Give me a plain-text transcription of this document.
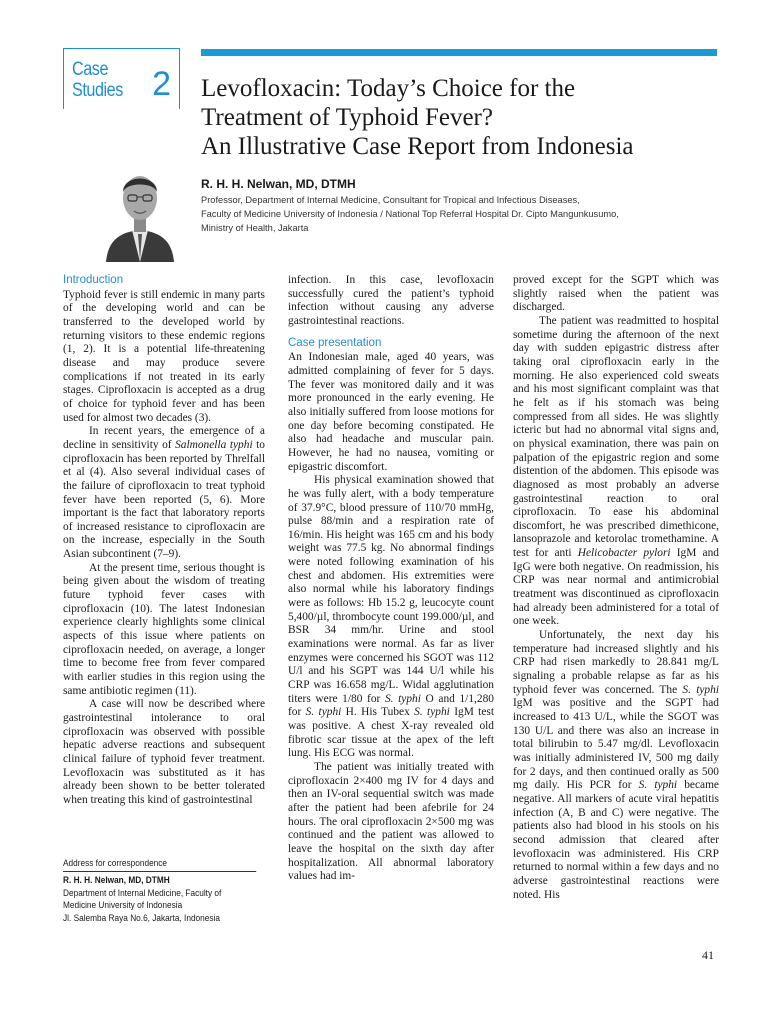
Case
Studies 2 Levofloxacin: Today’s Choice for the
Treatment of Typhoid Fever?
An Illustrative Case Report from Indonesia
R. H. H. Nelwan, MD, DTMH
Professor, Department of Internal Medicine, Consultant for Tropical and Infectious Diseases,
Faculty of Medicine University of Indonesia / National Top Referral Hospital Dr. Cipto Mangunkusumo,
Ministry of Health, Jakarta
Introduction

Typhoid fever is still endemic in many parts of the developing world and can be transferred to the developed world by returning visitors to these endemic regions (1, 2). It is a potential life-threatening disease and may produce severe complications if not treated in its early stages. Ciprofloxacin is accepted as a drug of choice for typhoid fever and has been used for almost two decades (3).

In recent years, the emergence of a decline in sensitivity of Salmonella typhi to ciprofloxacin has been reported by Threlfall et al (4). Also several individual cases of the failure of ciprofloxacin to treat typhoid fever have been reported (5, 6). More important is the fact that laboratory reports of increased resistance to ciprofloxacin are on the increase, especially in the South Asian subcontinent (7–9).

At the present time, serious thought is being given about the wisdom of treating future typhoid fever cases with ciprofloxacin (10). The latest Indonesian experience clearly highlights some clinical aspects of this issue where patients on ciprofloxacin needed, on average, a longer time to become free from fever compared with earlier studies in this region using the same antibiotic regimen (11).

A case will now be described where gastrointestinal intolerance to oral ciprofloxacin was observed with possible hepatic adverse reactions and subsequent clinical failure of typhoid fever treatment. Levofloxacin was substituted as it has already been shown to be better tolerated when treating this kind of gastrointestinal

Address for correspondence
R. H. H. Nelwan, MD, DTMH
Department of Internal Medicine, Faculty of Medicine University of Indonesia
Jl. Salemba Raya No.6, Jakarta, Indonesia

infection. In this case, levofloxacin successfully cured the patient’s typhoid infection without causing any adverse gastrointestinal reactions.

Case presentation

An Indonesian male, aged 40 years, was admitted complaining of fever for 5 days. The fever was monitored daily and it was more pronounced in the early evening. He also initially suffered from loose motions for one day before becoming constipated. He also had headache and muscular pain. However, he had no nausea, vomiting or epigastric discomfort.

His physical examination showed that he was fully alert, with a body temperature of 37.9°C, blood pressure of 110/70 mmHg, pulse 88/min and a respiration rate of 16/min. His height was 165 cm and his body weight was 77.5 kg. No abnormal findings were noted following examination of his chest and abdomen. His extremities were also normal while his laboratory findings were as follows: Hb 15.2 g, leucocyte count 5,400/µl, thrombocyte count 199.000/µl, and BSR 34 mm/hr. Urine and stool examinations were normal. As far as liver enzymes were concerned his SGOT was 112 U/l and his SGPT was 144 U/l while his CRP was 16.658 mg/L. Widal agglutination titers were 1/80 for S. typhi O and 1/1,280 for S. typhi H. His Tubex S. typhi IgM test was positive. A chest X-ray revealed old fibrotic scar tissue at the apex of the left lung. His ECG was normal.

The patient was initially treated with ciprofloxacin 2×400 mg IV for 4 days and then an IV-oral sequential switch was made after the patient had been afebrile for 24 hours. The oral ciprofloxacin 2×500 mg was continued and the patient was allowed to leave the hospital on the sixth day after hospitalization. All abnormal laboratory values had im-

proved except for the SGPT which was slightly raised when the patient was discharged.

The patient was readmitted to hospital sometime during the afternoon of the next day with sudden epigastric distress after taking oral ciprofloxacin early in the morning. He also experienced cold sweats and his most significant complaint was that he felt as if his stomach was being compressed from all sides. He was slightly icteric but had no abnormal vital signs and, on physical examination, there was pain on palpation of the epigastric region and some distention of the abdomen. This episode was diagnosed as most probably an adverse gastrointestinal reaction to oral ciprofloxacin. To ease his abdominal discomfort, he was prescribed dimethicone, lansoprazole and ketorolac tromethamine. A test for anti Helicobacter pylori IgM and IgG were both negative. On readmission, his CRP was near normal and antimicrobial treatment was discontinued as ciprofloxacin had already been administered for a total of one week.

Unfortunately, the next day his temperature had increased slightly and his CRP had risen markedly to 28.841 mg/L signaling a probable relapse as far as his typhoid fever was concerned. The S. typhi IgM was positive and the SGPT had increased to 413 U/L, while the SGOT was 130 U/L and there was also an increase in total bilirubin to 5.47 mg/dl. Levofloxacin was initially administered IV, 500 mg daily for 2 days, and then continued orally as 500 mg daily. His PCR for S. typhi became negative. All markers of acute viral hepatitis infection (A, B and C) were negative. The patients also had blood in his stools on his second admission that cleared after levofloxacin was administered. His CRP returned to normal within a few days and no adverse gastrointestinal reactions were noted. His

41
